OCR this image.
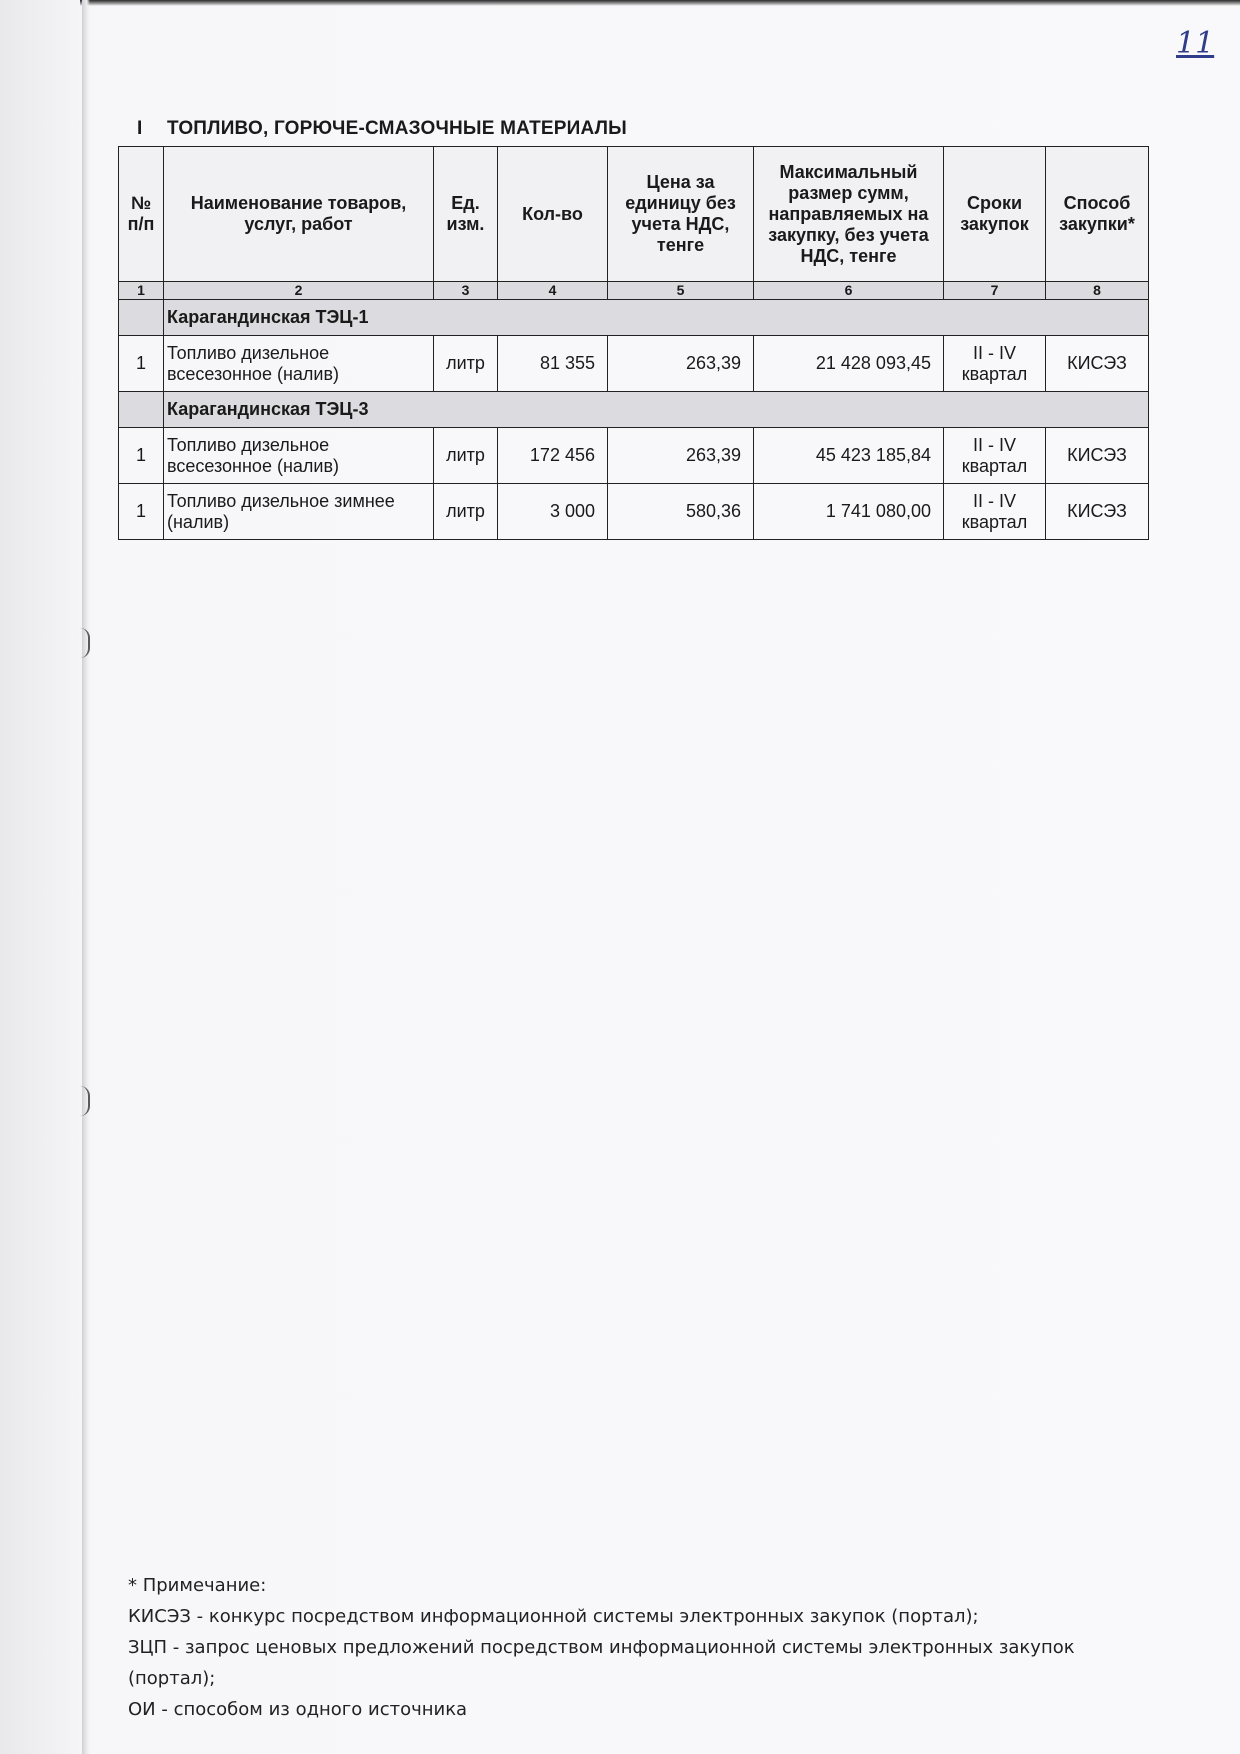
11
I ТОПЛИВО, ГОРЮЧЕ-СМАЗОЧНЫЕ МАТЕРИАЛЫ
№ п/п	Наименование товаров, услуг, работ	Ед. изм.	Кол-во	Цена за единицу без учета НДС, тенге	Максимальный размер сумм, направляемых на закупку, без учета НДС, тенге	Сроки закупок	Способ закупки*
1	2	3	4	5	6	7	8
	Карагандинская ТЭЦ-1						
1	Топливо дизельное всесезонное (налив)	литр	81 355	263,39	21 428 093,45	II - IV квартал	КИСЭЗ
	Карагандинская ТЭЦ-3						
1	Топливо дизельное всесезонное (налив)	литр	172 456	263,39	45 423 185,84	II - IV квартал	КИСЭЗ
1	Топливо дизельное зимнее (налив)	литр	3 000	580,36	1 741 080,00	II - IV квартал	КИСЭЗ

* Примечание:

КИСЭЗ - конкурс посредством информационной системы электронных закупок (портал);

ЗЦП - запрос ценовых предложений посредством информационной системы электронных закупок (портал);

ОИ - способом из одного источника
